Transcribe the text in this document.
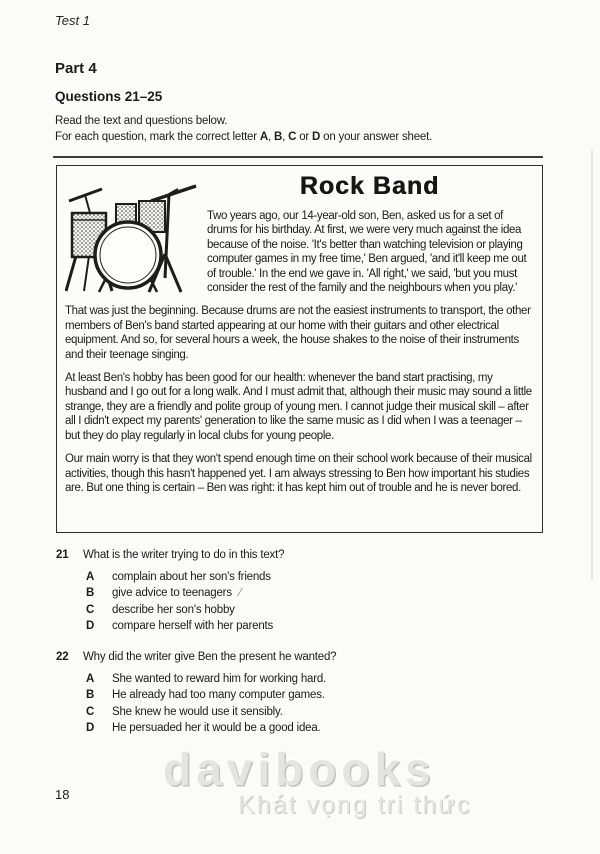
Test 1
Part 4
Questions 21–25

Read the text and questions below.

For each question, mark the correct letter A, B, C or D on your answer sheet.

Rock Band

Two years ago, our 14-year-old son, Ben, asked us for a set of drums for his birthday. At first, we were very much against the idea because of the noise. 'It's better than watching television or playing computer games in my free time,' Ben argued, 'and it'll keep me out of trouble.' In the end we gave in. 'All right,' we said, 'but you must consider the rest of the family and the neighbours when you play.'

That was just the beginning. Because drums are not the easiest instruments to transport, the other members of Ben's band started appearing at our home with their guitars and other electrical equipment. And so, for several hours a week, the house shakes to the noise of their instruments and their teenage singing.

At least Ben's hobby has been good for our health: whenever the band start practising, my husband and I go out for a long walk. And I must admit that, although their music may sound a little strange, they are a friendly and polite group of young men. I cannot judge their musical skill – after all I didn't expect my parents' generation to like the same music as I did when I was a teenager – but they do play regularly in local clubs for young people.

Our main worry is that they won't spend enough time on their school work because of their musical activities, though this hasn't happened yet. I am always stressing to Ben how important his studies are. But one thing is certain – Ben was right: it has kept him out of trouble and he is never bored.

21	What is the writer trying to do in this text?
A	complain about her son's friends
B	give advice to teenagers /
C	describe her son's hobby
D	compare herself with her parents
22	Why did the writer give Ben the present he wanted?
A	She wanted to reward him for working hard.
B	He already had too many computer games.
C	She knew he would use it sensibly.
D	He persuaded her it would be a good idea.
18 davibooks
Khát vọng tri thức
